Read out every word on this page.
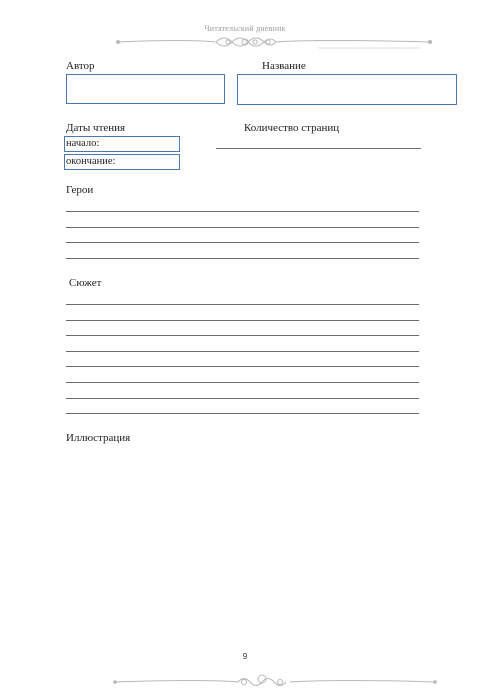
Читательский дневник
Автор	Название
Даты чтения	Количество страниц
начало:
окончание:
Герои
Сюжет
Иллюстрация
9
